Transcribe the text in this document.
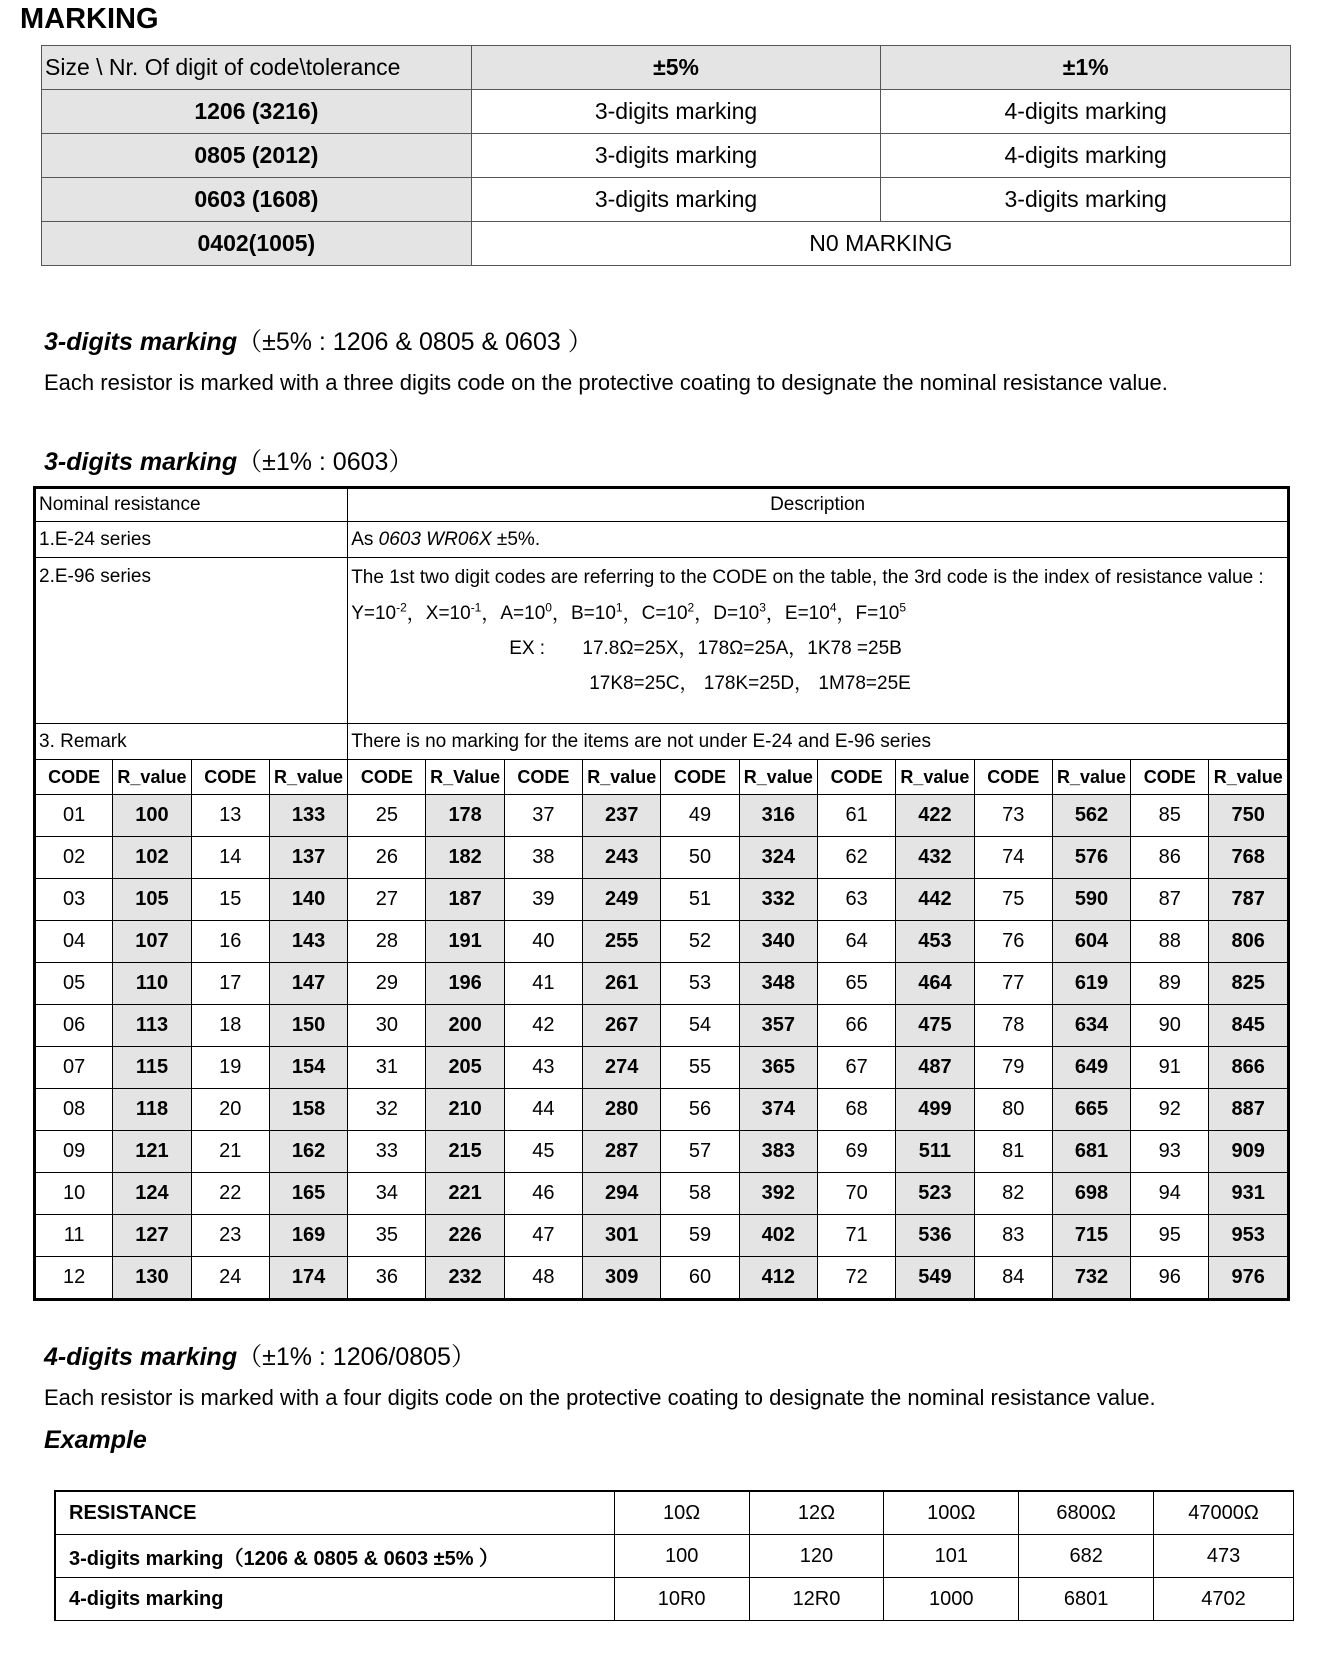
MARKING
Size \ Nr. Of digit of code\tolerance	±5%	±1%
1206 (3216)	3-digits marking	4-digits marking
0805 (2012)	3-digits marking	4-digits marking
0603 (1608)	3-digits marking	3-digits marking
0402(1005)	N0 MARKING	
3-digits marking（±5% : 1206 & 0805 & 0603 ）
Each resistor is marked with a three digits code on the protective coating to designate the nominal resistance value.
3-digits marking（±1% : 0603）
Nominal resistance				Description											
1.E-24 series				As 0603 WR06X ±5%.											
2.E-96 series				The 1st two digit codes are referring to the CODE on the table, the 3rd code is the index of resistance value :
$Y=10^{-2}$，$X=10^{-1}$，$A=10^0$，$B=10^1$，$C=10^2$，$D=10^3$，$E=10^4$，$F=10^5$
EX : 17.8Ω=25X，178Ω=25A，1K78 =25B
17K8=25C， 178K=25D， 1M78=25E											

3. Remark				There is no marking for the items are not under E-24 and E-96 series											
CODE	R_value	CODE	R_value	CODE	R_Value	CODE	R_value	CODE	R_value	CODE	R_value	CODE	R_value	CODE	R_value
01	100	13	133	25	178	37	237	49	316	61	422	73	562	85	750
02	102	14	137	26	182	38	243	50	324	62	432	74	576	86	768
03	105	15	140	27	187	39	249	51	332	63	442	75	590	87	787
04	107	16	143	28	191	40	255	52	340	64	453	76	604	88	806
05	110	17	147	29	196	41	261	53	348	65	464	77	619	89	825
06	113	18	150	30	200	42	267	54	357	66	475	78	634	90	845
07	115	19	154	31	205	43	274	55	365	67	487	79	649	91	866
08	118	20	158	32	210	44	280	56	374	68	499	80	665	92	887
09	121	21	162	33	215	45	287	57	383	69	511	81	681	93	909
10	124	22	165	34	221	46	294	58	392	70	523	82	698	94	931
11	127	23	169	35	226	47	301	59	402	71	536	83	715	95	953
12	130	24	174	36	232	48	309	60	412	72	549	84	732	96	976
4-digits marking（±1% : 1206/0805）
Each resistor is marked with a four digits code on the protective coating to designate the nominal resistance value.
Example
RESISTANCE	10Ω	12Ω	100Ω	6800Ω	47000Ω
3-digits marking（1206 & 0805 & 0603 ±5% ）	100	120	101	682	473
4-digits marking	10R0	12R0	1000	6801	4702
